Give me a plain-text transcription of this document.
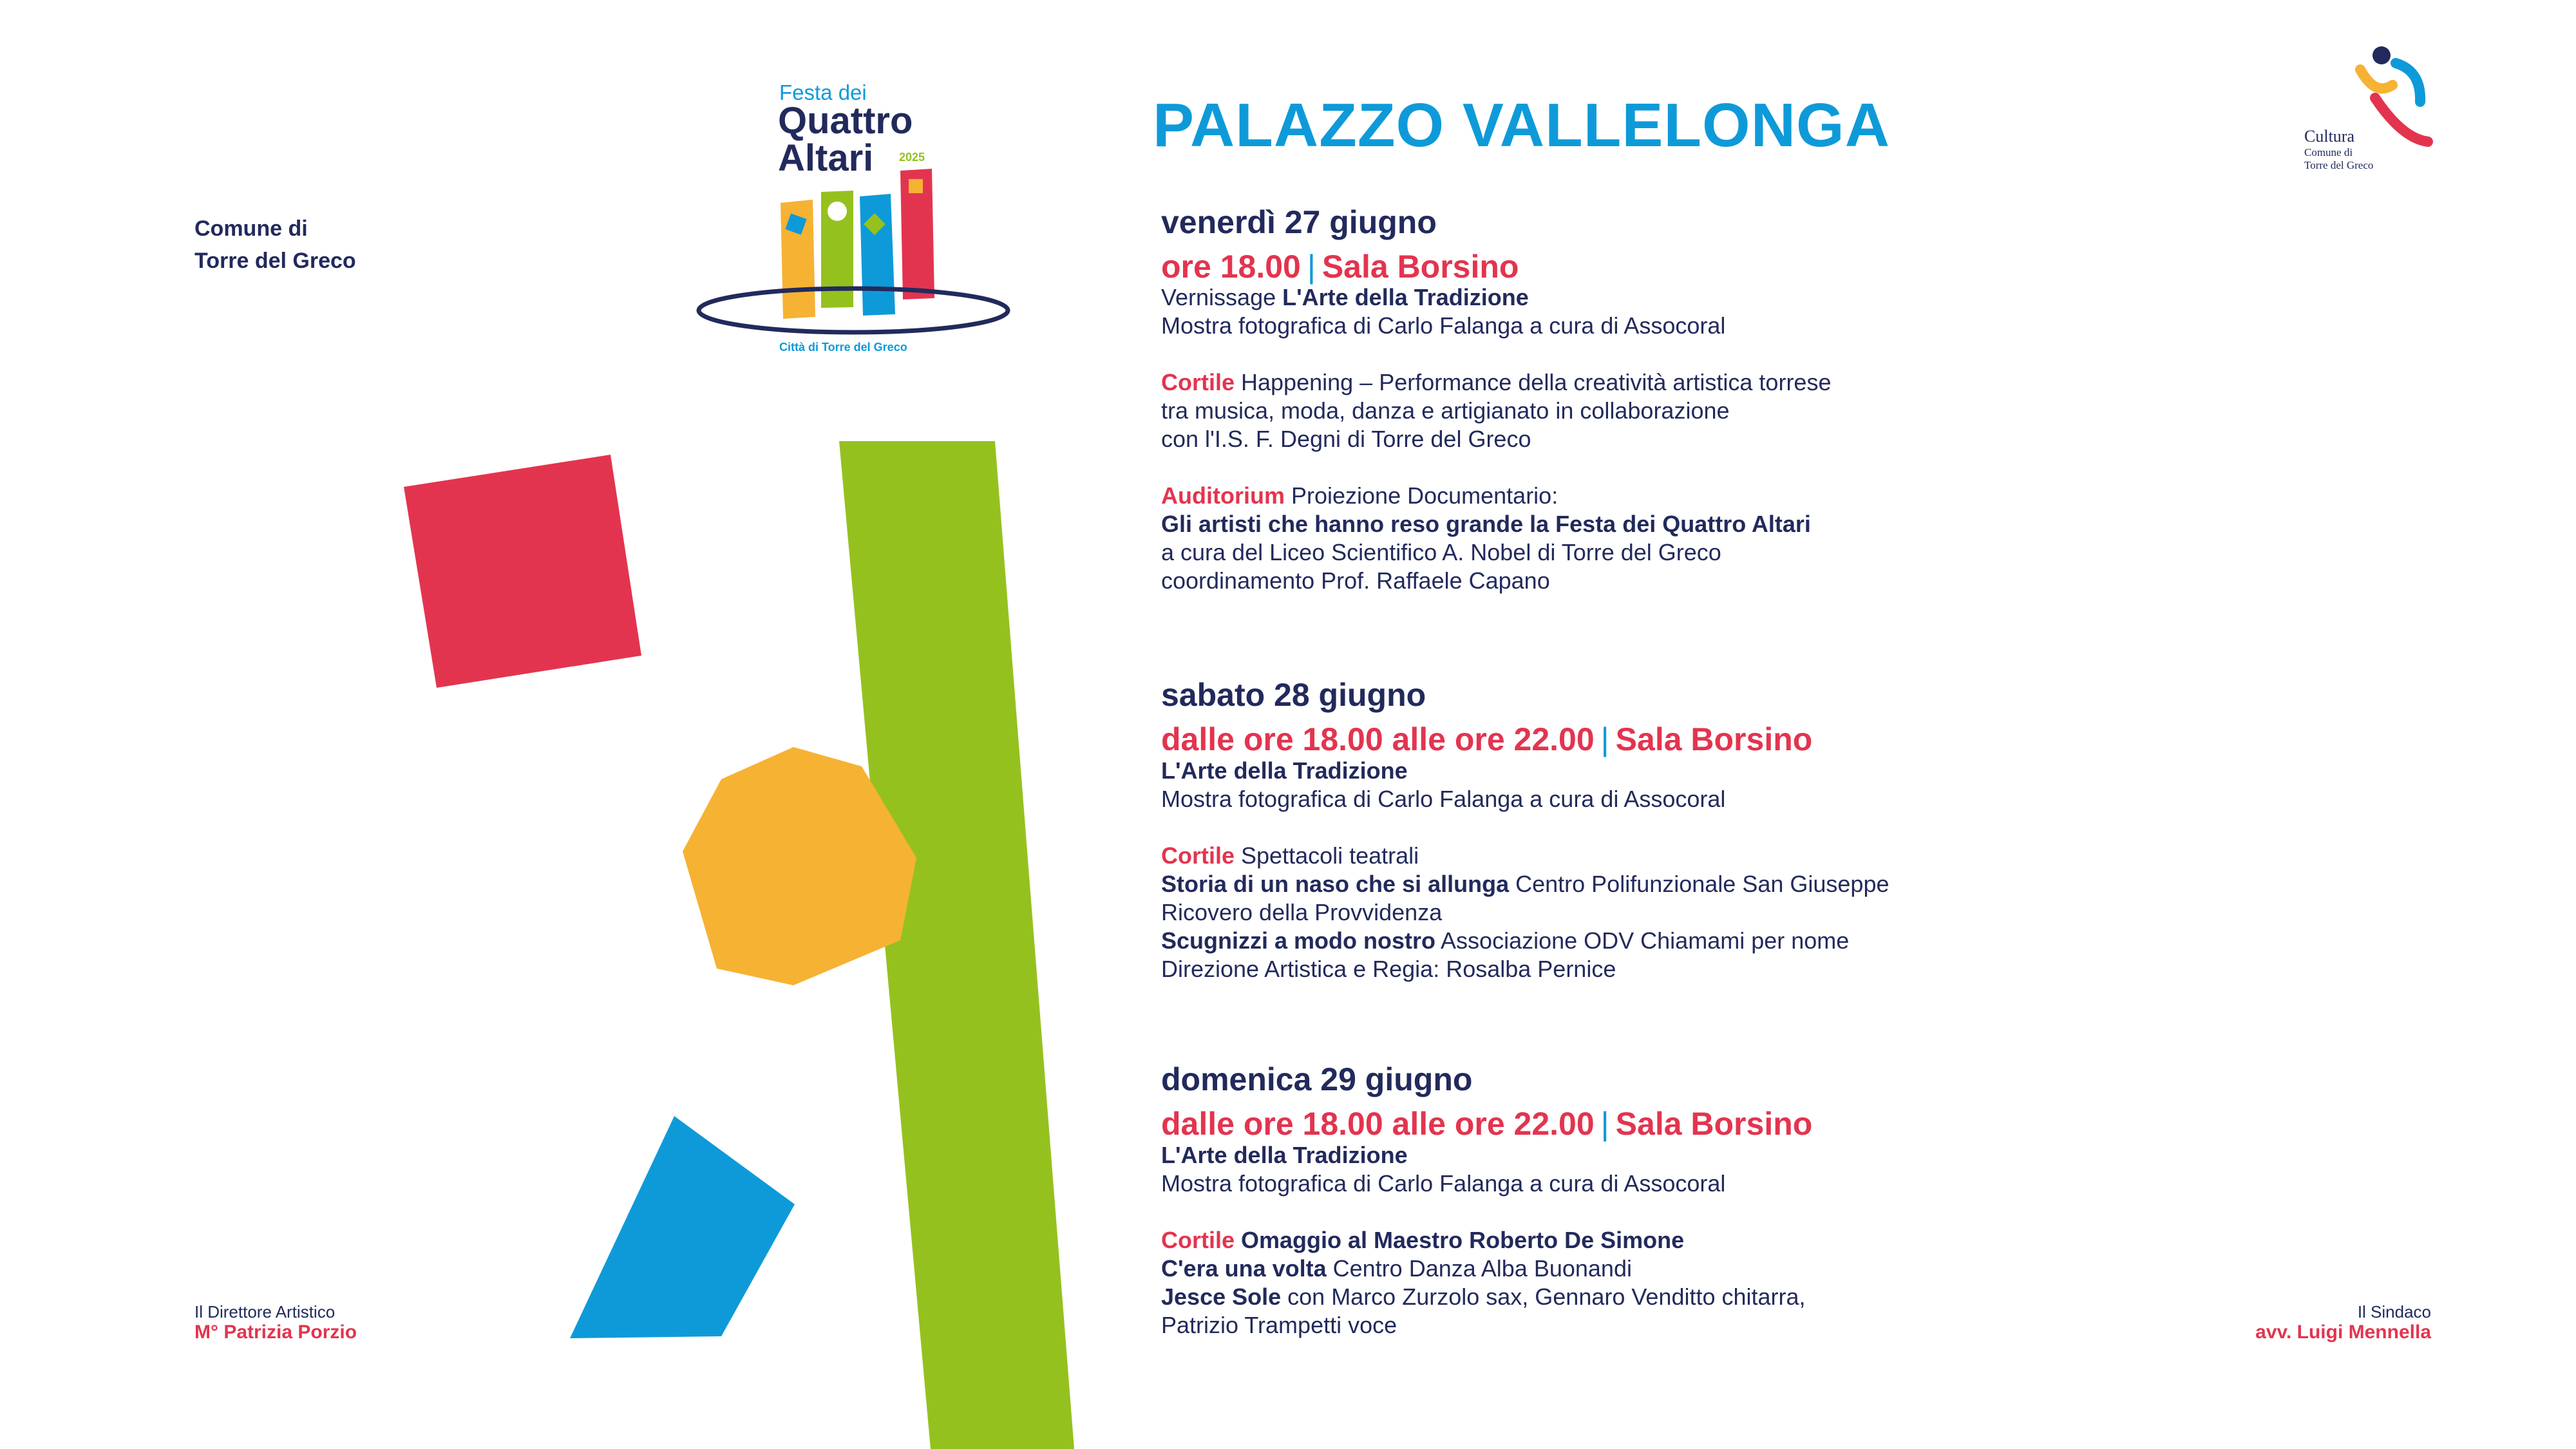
Comune di
Torre del Greco
Festa dei
Quattro
Altari 2025
Città di Torre del Greco
Cultura
Comune di
Torre del Greco
PALAZZO VALLELONGA
venerdì 27 giugno
ore 18.00 | Sala Borsino
Vernissage L'Arte della Tradizione
Mostra fotografica di Carlo Falanga a cura di Assocoral
Cortile Happening – Performance della creatività artistica torrese
tra musica, moda, danza e artigianato in collaborazione
con l'I.S. F. Degni di Torre del Greco
Auditorium Proiezione Documentario:
Gli artisti che hanno reso grande la Festa dei Quattro Altari
a cura del Liceo Scientifico A. Nobel di Torre del Greco
coordinamento Prof. Raffaele Capano
sabato 28 giugno
dalle ore 18.00 alle ore 22.00 | Sala Borsino
L'Arte della Tradizione
Mostra fotografica di Carlo Falanga a cura di Assocoral
Cortile Spettacoli teatrali
Storia di un naso che si allunga Centro Polifunzionale San Giuseppe
Ricovero della Provvidenza
Scugnizzi a modo nostro Associazione ODV Chiamami per nome
Direzione Artistica e Regia: Rosalba Pernice
domenica 29 giugno
dalle ore 18.00 alle ore 22.00 | Sala Borsino
L'Arte della Tradizione
Mostra fotografica di Carlo Falanga a cura di Assocoral
Cortile Omaggio al Maestro Roberto De Simone
C'era una volta Centro Danza Alba Buonandi
Jesce Sole con Marco Zurzolo sax, Gennaro Venditto chitarra,
Patrizio Trampetti voce
Il Direttore Artistico
M° Patrizia Porzio
Il Sindaco
avv. Luigi Mennella
